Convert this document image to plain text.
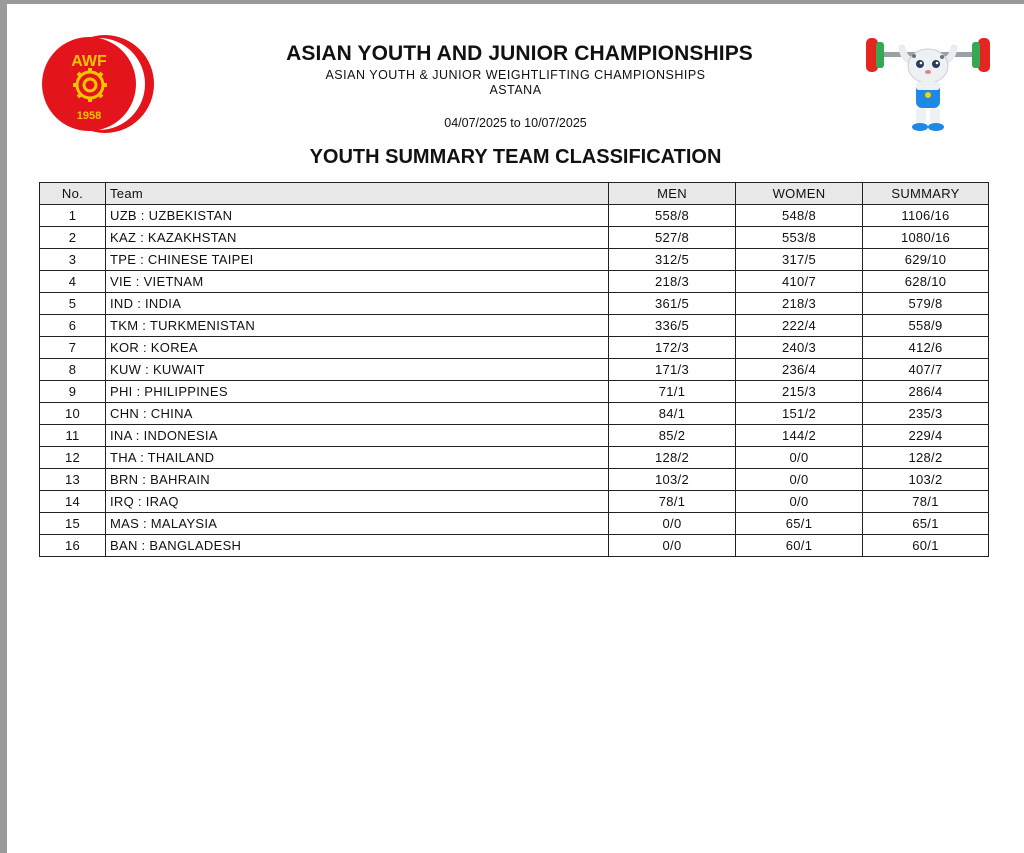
AWF
1958
ASIAN YOUTH AND JUNIOR CHAMPIONSHIPS
ASIAN YOUTH & JUNIOR WEIGHTLIFTING CHAMPIONSHIPS
ASTANA
04/07/2025 to 10/07/2025
YOUTH SUMMARY TEAM CLASSIFICATION
No.	Team	MEN	WOMEN	SUMMARY
1	UZB : UZBEKISTAN	558/8	548/8	1106/16
2	KAZ : KAZAKHSTAN	527/8	553/8	1080/16
3	TPE : CHINESE TAIPEI	312/5	317/5	629/10
4	VIE : VIETNAM	218/3	410/7	628/10
5	IND : INDIA	361/5	218/3	579/8
6	TKM : TURKMENISTAN	336/5	222/4	558/9
7	KOR : KOREA	172/3	240/3	412/6
8	KUW : KUWAIT	171/3	236/4	407/7
9	PHI : PHILIPPINES	71/1	215/3	286/4
10	CHN : CHINA	84/1	151/2	235/3
11	INA : INDONESIA	85/2	144/2	229/4
12	THA : THAILAND	128/2	0/0	128/2
13	BRN : BAHRAIN	103/2	0/0	103/2
14	IRQ : IRAQ	78/1	0/0	78/1
15	MAS : MALAYSIA	0/0	65/1	65/1
16	BAN : BANGLADESH	0/0	60/1	60/1
